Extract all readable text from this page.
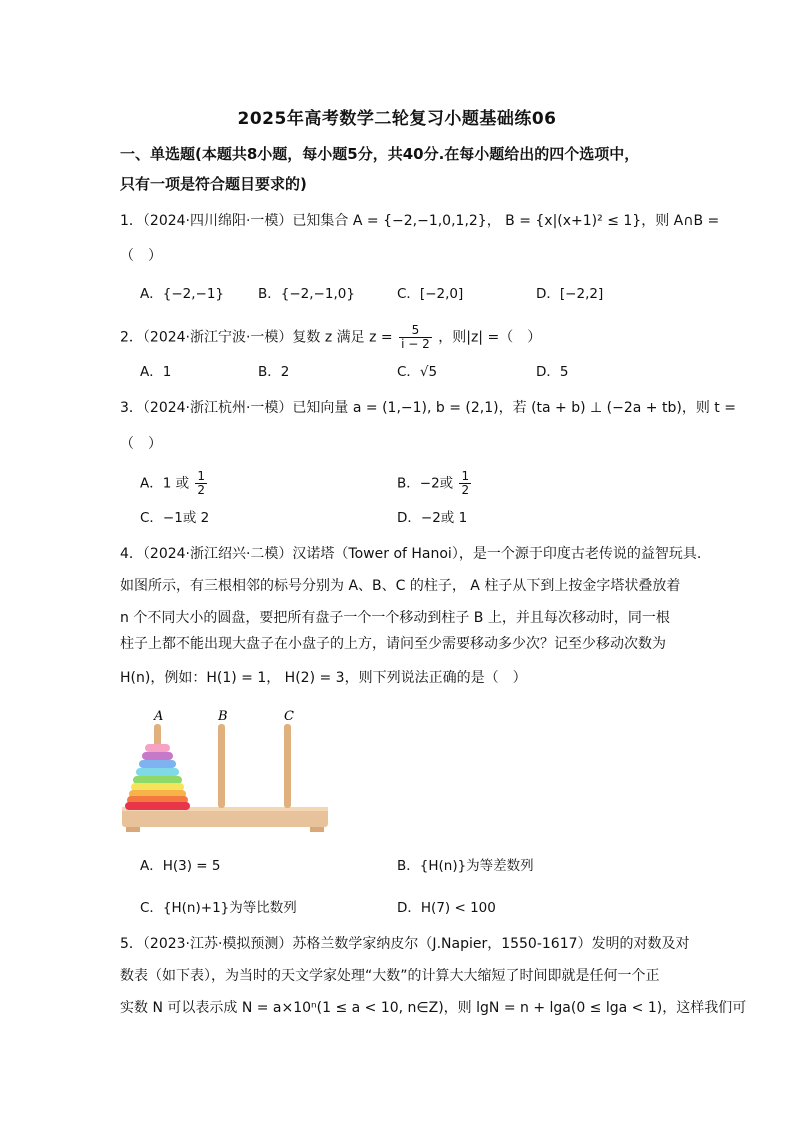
2025年高考数学二轮复习小题基础练06
一、单选题(本题共8小题，每小题5分，共40分.在每小题给出的四个选项中，
只有一项是符合题目要求的)
1．（2024·四川绵阳·一模）已知集合 A = {−2,−1,0,1,2}， B = {x|(x+1)² ≤ 1}，则 A∩B =
（　）
A．{−2,−1}	B．{−2,−1,0}	C．[−2,0]	D．[−2,2]
2．（2024·浙江宁波·一模）复数 z 满足 $z = \frac{5}{i - 2}$ ，则|z| =（　）
A．1	B．2	C．√5	D．5
3．（2024·浙江杭州·一模）已知向量 a = (1,−1), b = (2,1)，若 (ta + b) ⊥ (−2a + tb)，则 t =
（　）
A．1 或 $\frac{1}{2}$	B．−2或 $\frac{1}{2}$
C．−1或 2	D．−2或 1
4．（2024·浙江绍兴·二模）汉诺塔（Tower of Hanoi），是一个源于印度古老传说的益智玩具.
如图所示，有三根相邻的标号分别为 A、B、C 的柱子， A 柱子从下到上按金字塔状叠放着
n 个不同大小的圆盘，要把所有盘子一个一个移动到柱子 B 上，并且每次移动时，同一根
柱子上都不能出现大盘子在小盘子的上方，请问至少需要移动多少次？记至少移动次数为
H(n)，例如：H(1) = 1， H(2) = 3，则下列说法正确的是（　）
A	B	C
A．H(3) = 5	B．{H(n)}为等差数列
C．{H(n)+1}为等比数列	D．H(7) < 100
5．（2023·江苏·模拟预测）苏格兰数学家纳皮尔（J.Napier，1550-1617）发明的对数及对
数表（如下表），为当时的天文学家处理“大数”的计算大大缩短了时间即就是任何一个正
实数 N 可以表示成 N = a×10ⁿ(1 ≤ a < 10, n∈Z)，则 lgN = n + lga(0 ≤ lga < 1)，这样我们可
